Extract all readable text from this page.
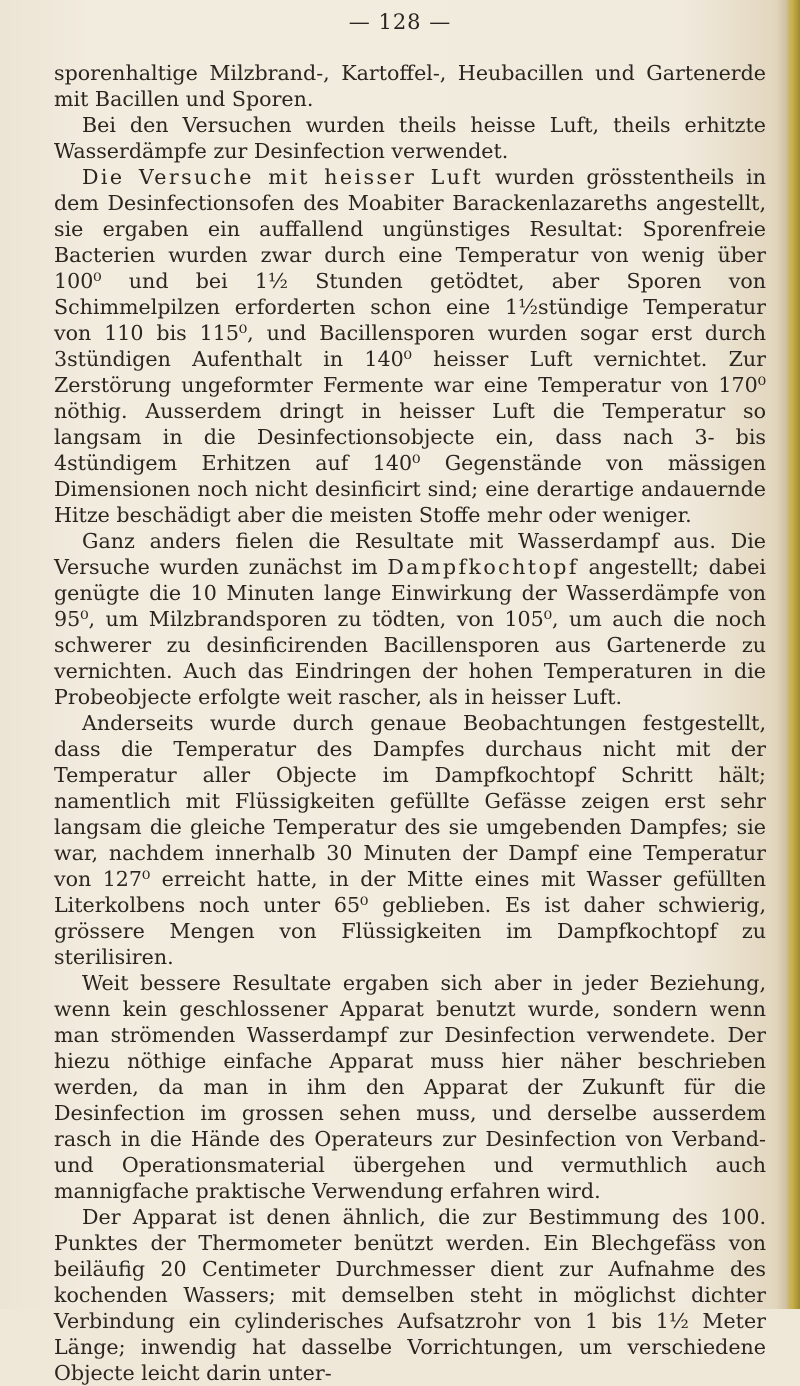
— 128 —

sporenhaltige Milzbrand-, Kartoffel-, Heubacillen und Gartenerde mit Bacillen und Sporen.

Bei den Versuchen wurden theils heisse Luft, theils erhitzte Wasserdämpfe zur Desinfection verwendet.

Die Versuche mit heisser Luft wurden grösstentheils in dem Desinfectionsofen des Moabiter Barackenlazareths angestellt, sie ergaben ein auffallend ungünstiges Resultat: Sporenfreie Bacterien wurden zwar durch eine Temperatur von wenig über 100⁰ und bei 1½ Stunden getödtet, aber Sporen von Schimmelpilzen erforderten schon eine 1½stündige Temperatur von 110 bis 115⁰, und Bacillensporen wurden sogar erst durch 3stündigen Aufenthalt in 140⁰ heisser Luft vernichtet. Zur Zerstörung ungeformter Fermente war eine Temperatur von 170⁰ nöthig. Ausserdem dringt in heisser Luft die Temperatur so langsam in die Desinfectionsobjecte ein, dass nach 3- bis 4stündigem Erhitzen auf 140⁰ Gegenstände von mässigen Dimensionen noch nicht desinficirt sind; eine derartige andauernde Hitze beschädigt aber die meisten Stoffe mehr oder weniger.

Ganz anders fielen die Resultate mit Wasserdampf aus. Die Versuche wurden zunächst im Dampfkochtopf angestellt; dabei genügte die 10 Minuten lange Einwirkung der Wasserdämpfe von 95⁰, um Milzbrandsporen zu tödten, von 105⁰, um auch die noch schwerer zu desinficirenden Bacillensporen aus Gartenerde zu vernichten. Auch das Eindringen der hohen Temperaturen in die Probeobjecte erfolgte weit rascher, als in heisser Luft.

Anderseits wurde durch genaue Beobachtungen festgestellt, dass die Temperatur des Dampfes durchaus nicht mit der Temperatur aller Objecte im Dampfkochtopf Schritt hält; namentlich mit Flüssigkeiten gefüllte Gefässe zeigen erst sehr langsam die gleiche Temperatur des sie umgebenden Dampfes; sie war, nachdem innerhalb 30 Minuten der Dampf eine Temperatur von 127⁰ erreicht hatte, in der Mitte eines mit Wasser gefüllten Literkolbens noch unter 65⁰ geblieben. Es ist daher schwierig, grössere Mengen von Flüssigkeiten im Dampfkochtopf zu sterilisiren.

Weit bessere Resultate ergaben sich aber in jeder Beziehung, wenn kein geschlossener Apparat benutzt wurde, sondern wenn man strömenden Wasserdampf zur Desinfection verwendete. Der hiezu nöthige einfache Apparat muss hier näher beschrieben werden, da man in ihm den Apparat der Zukunft für die Desinfection im grossen sehen muss, und derselbe ausserdem rasch in die Hände des Operateurs zur Desinfection von Verband- und Operationsmaterial übergehen und vermuthlich auch mannigfache praktische Verwendung erfahren wird.

Der Apparat ist denen ähnlich, die zur Bestimmung des 100. Punktes der Thermometer benützt werden. Ein Blechgefäss von beiläufig 20 Centimeter Durchmesser dient zur Aufnahme des kochenden Wassers; mit demselben steht in möglichst dichter Verbindung ein cylinderisches Aufsatzrohr von 1 bis 1½ Meter Länge; inwendig hat dasselbe Vorrichtungen, um verschiedene Objecte leicht darin unter-
